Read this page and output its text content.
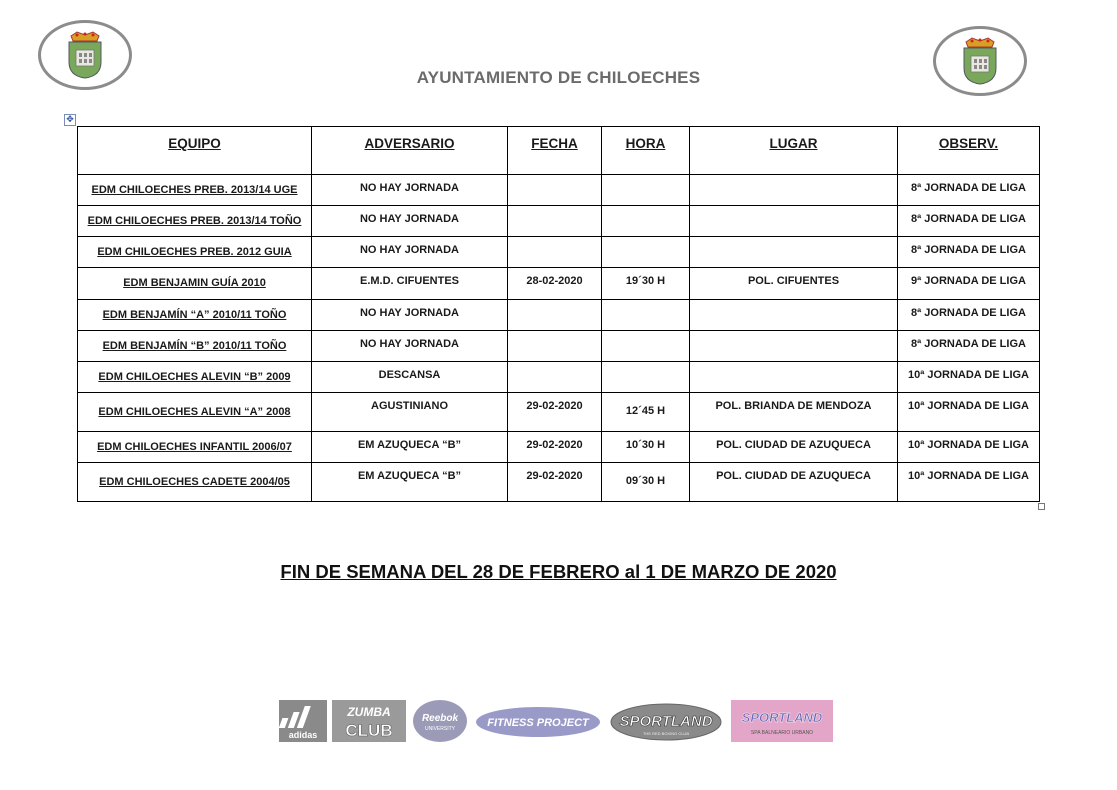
AYUNTAMIENTO DE CHILOECHES
✥
EQUIPO	ADVERSARIO	FECHA	HORA	LUGAR	OBSERV.
EDM CHILOECHES PREB. 2013/14 UGE	NO HAY JORNADA				8ª JORNADA DE LIGA
EDM CHILOECHES PREB. 2013/14 TOÑO	NO HAY JORNADA				8ª JORNADA DE LIGA
EDM CHILOECHES PREB. 2012 GUIA	NO HAY JORNADA				8ª JORNADA DE LIGA
EDM BENJAMIN GUÍA 2010	E.M.D. CIFUENTES	28-02-2020	19´30 H	POL. CIFUENTES	9ª JORNADA DE LIGA
EDM BENJAMÍN “A” 2010/11 TOÑO	NO HAY JORNADA				8ª JORNADA DE LIGA
EDM BENJAMÍN “B” 2010/11 TOÑO	NO HAY JORNADA				8ª JORNADA DE LIGA
EDM CHILOECHES ALEVIN “B” 2009	DESCANSA				10ª JORNADA DE LIGA
EDM CHILOECHES ALEVIN “A” 2008	AGUSTINIANO	29-02-2020	12´45 H	POL. BRIANDA DE MENDOZA	10ª JORNADA DE LIGA
EDM CHILOECHES INFANTIL 2006/07	EM AZUQUECA “B”	29-02-2020	10´30 H	POL. CIUDAD DE AZUQUECA	10ª JORNADA DE LIGA
EDM CHILOECHES CADETE 2004/05	EM AZUQUECA “B”	29-02-2020	09´30 H	POL. CIUDAD DE AZUQUECA	10ª JORNADA DE LIGA
FIN DE SEMANA DEL 28 DE FEBRERO al 1 DE MARZO DE 2020
adidas
ZUMBA
CLUB
Reebok
UNIVERSITY	FITNESS PROJECT SPORTLAND
THE RED BOXING CLUB
SPORTLAND
SPA BALNEARIO URBANO
